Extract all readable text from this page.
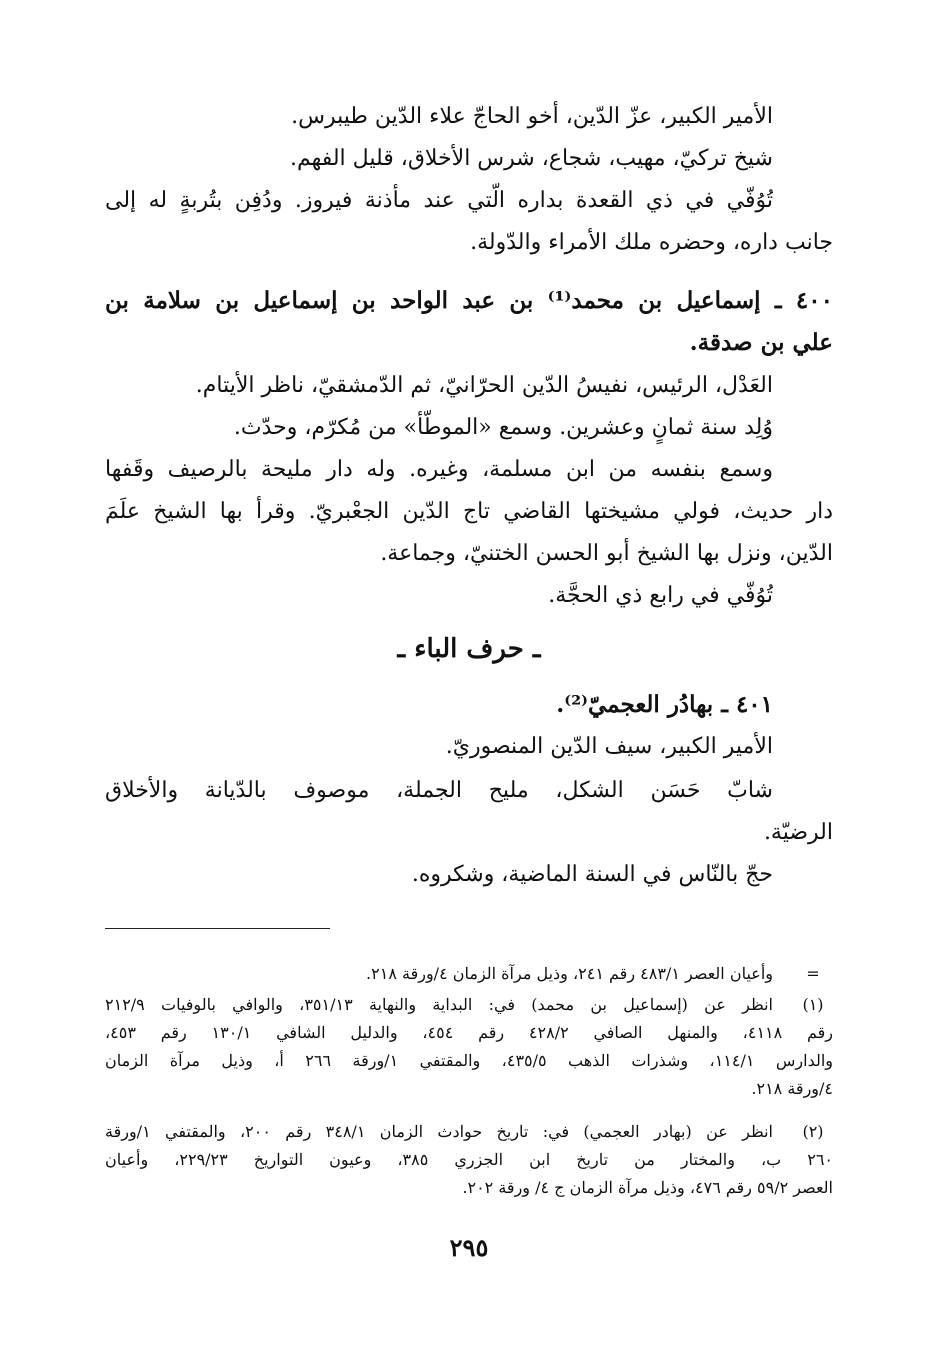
الأمير الكبير، عزّ الدّين، أخو الحاجّ علاء الدّين طيبرس.
شيخ تركيّ، مهيب، شجاع، شرس الأخلاق، قليل الفهم.
تُوُفّي في ذي القعدة بداره الّتي عند مأذنة فيروز. ودُفِن بتُربةٍ له إلى
جانب داره، وحضره ملك الأمراء والدّولة.
٤٠٠ ـ إسماعيل بن محمد⁽¹⁾ بن عبد الواحد بن إسماعيل بن سلامة بن
علي بن صدقة.
العَدْل، الرئيس، نفيسُ الدّين الحرّانيّ، ثم الدّمشقيّ، ناظر الأيتام.
وُلِد سنة ثمانٍ وعشرين. وسمع «الموطّأ» من مُكرّم، وحدّث.
وسمع بنفسه من ابن مسلمة، وغيره. وله دار مليحة بالرصيف وقَفها
دار حديث، فولي مشيختها القاضي تاج الدّين الجعْبريّ. وقرأ بها الشيخ علَمَ
الدّين، ونزل بها الشيخ أبو الحسن الختنيّ، وجماعة.
تُوُفّي في رابع ذي الحجَّة.
ـ حرف الباء ـ
٤٠١ ـ بهادُر العجميّ⁽²⁾.
الأمير الكبير، سيف الدّين المنصوريّ.
شابّ حَسَن الشكل، مليح الجملة، موصوف بالدّيانة والأخلاق
الرضيّة.
حجّ بالنّاس في السنة الماضية، وشكروه.
=
وأعيان العصر ٤٨٣/١ رقم ٢٤١، وذيل مرآة الزمان ٤/ورقة ٢١٨.
(١)
انظر عن (إسماعيل بن محمد) في: البداية والنهاية ٣٥١/١٣، والوافي بالوفيات ٢١٢/٩
رقم ٤١١٨، والمنهل الصافي ٤٢٨/٢ رقم ٤٥٤، والدليل الشافي ١٣٠/١ رقم ٤٥٣،
والدارس ١١٤/١، وشذرات الذهب ٤٣٥/٥، والمقتفي ١/ورقة ٢٦٦ أ، وذيل مرآة الزمان
٤/ورقة ٢١٨.
(٢)
انظر عن (بهادر العجمي) في: تاريخ حوادث الزمان ٣٤٨/١ رقم ٢٠٠، والمقتفي ١/ورقة
٢٦٠ ب، والمختار من تاريخ ابن الجزري ٣٨٥، وعيون التواريخ ٢٢٩/٢٣، وأعيان
العصر ٥٩/٢ رقم ٤٧٦، وذيل مرآة الزمان ج ٤/ ورقة ٢٠٢.
٢٩٥
